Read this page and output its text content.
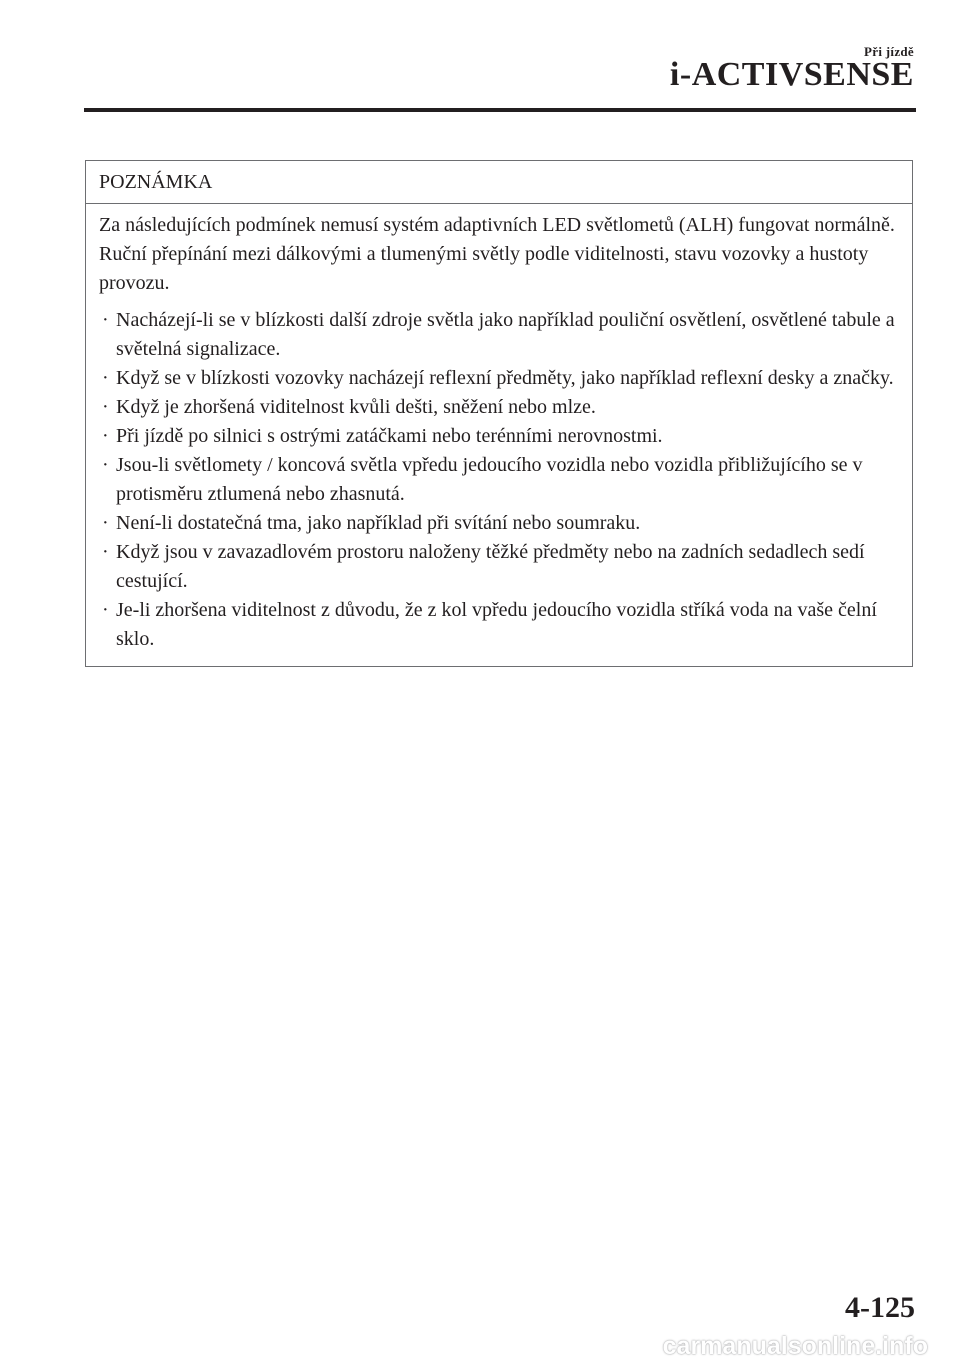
Při jízdě
i-ACTIVSENSE
POZNÁMKA

Za následujících podmínek nemusí systém adaptivních LED světlometů (ALH) fungovat normálně. Ruční přepínání mezi dálkovými a tlumenými světly podle viditelnosti, stavu vozovky a hustoty provozu.

· Nacházejí-li se v blízkosti další zdroje světla jako například pouliční osvětlení, osvětlené tabule a světelná signalizace.
· Když se v blízkosti vozovky nacházejí reflexní předměty, jako například reflexní desky a značky.
· Když je zhoršená viditelnost kvůli dešti, sněžení nebo mlze.
· Při jízdě po silnici s ostrými zatáčkami nebo terénními nerovnostmi.
· Jsou-li světlomety / koncová světla vpředu jedoucího vozidla nebo vozidla přibližujícího se v protisměru ztlumená nebo zhasnutá.
· Není-li dostatečná tma, jako například při svítání nebo soumraku.
· Když jsou v zavazadlovém prostoru naloženy těžké předměty nebo na zadních sedadlech sedí cestující.
· Je-li zhoršena viditelnost z důvodu, že z kol vpředu jedoucího vozidla stříká voda na vaše čelní sklo.
4-125
carmanualsonline.info
